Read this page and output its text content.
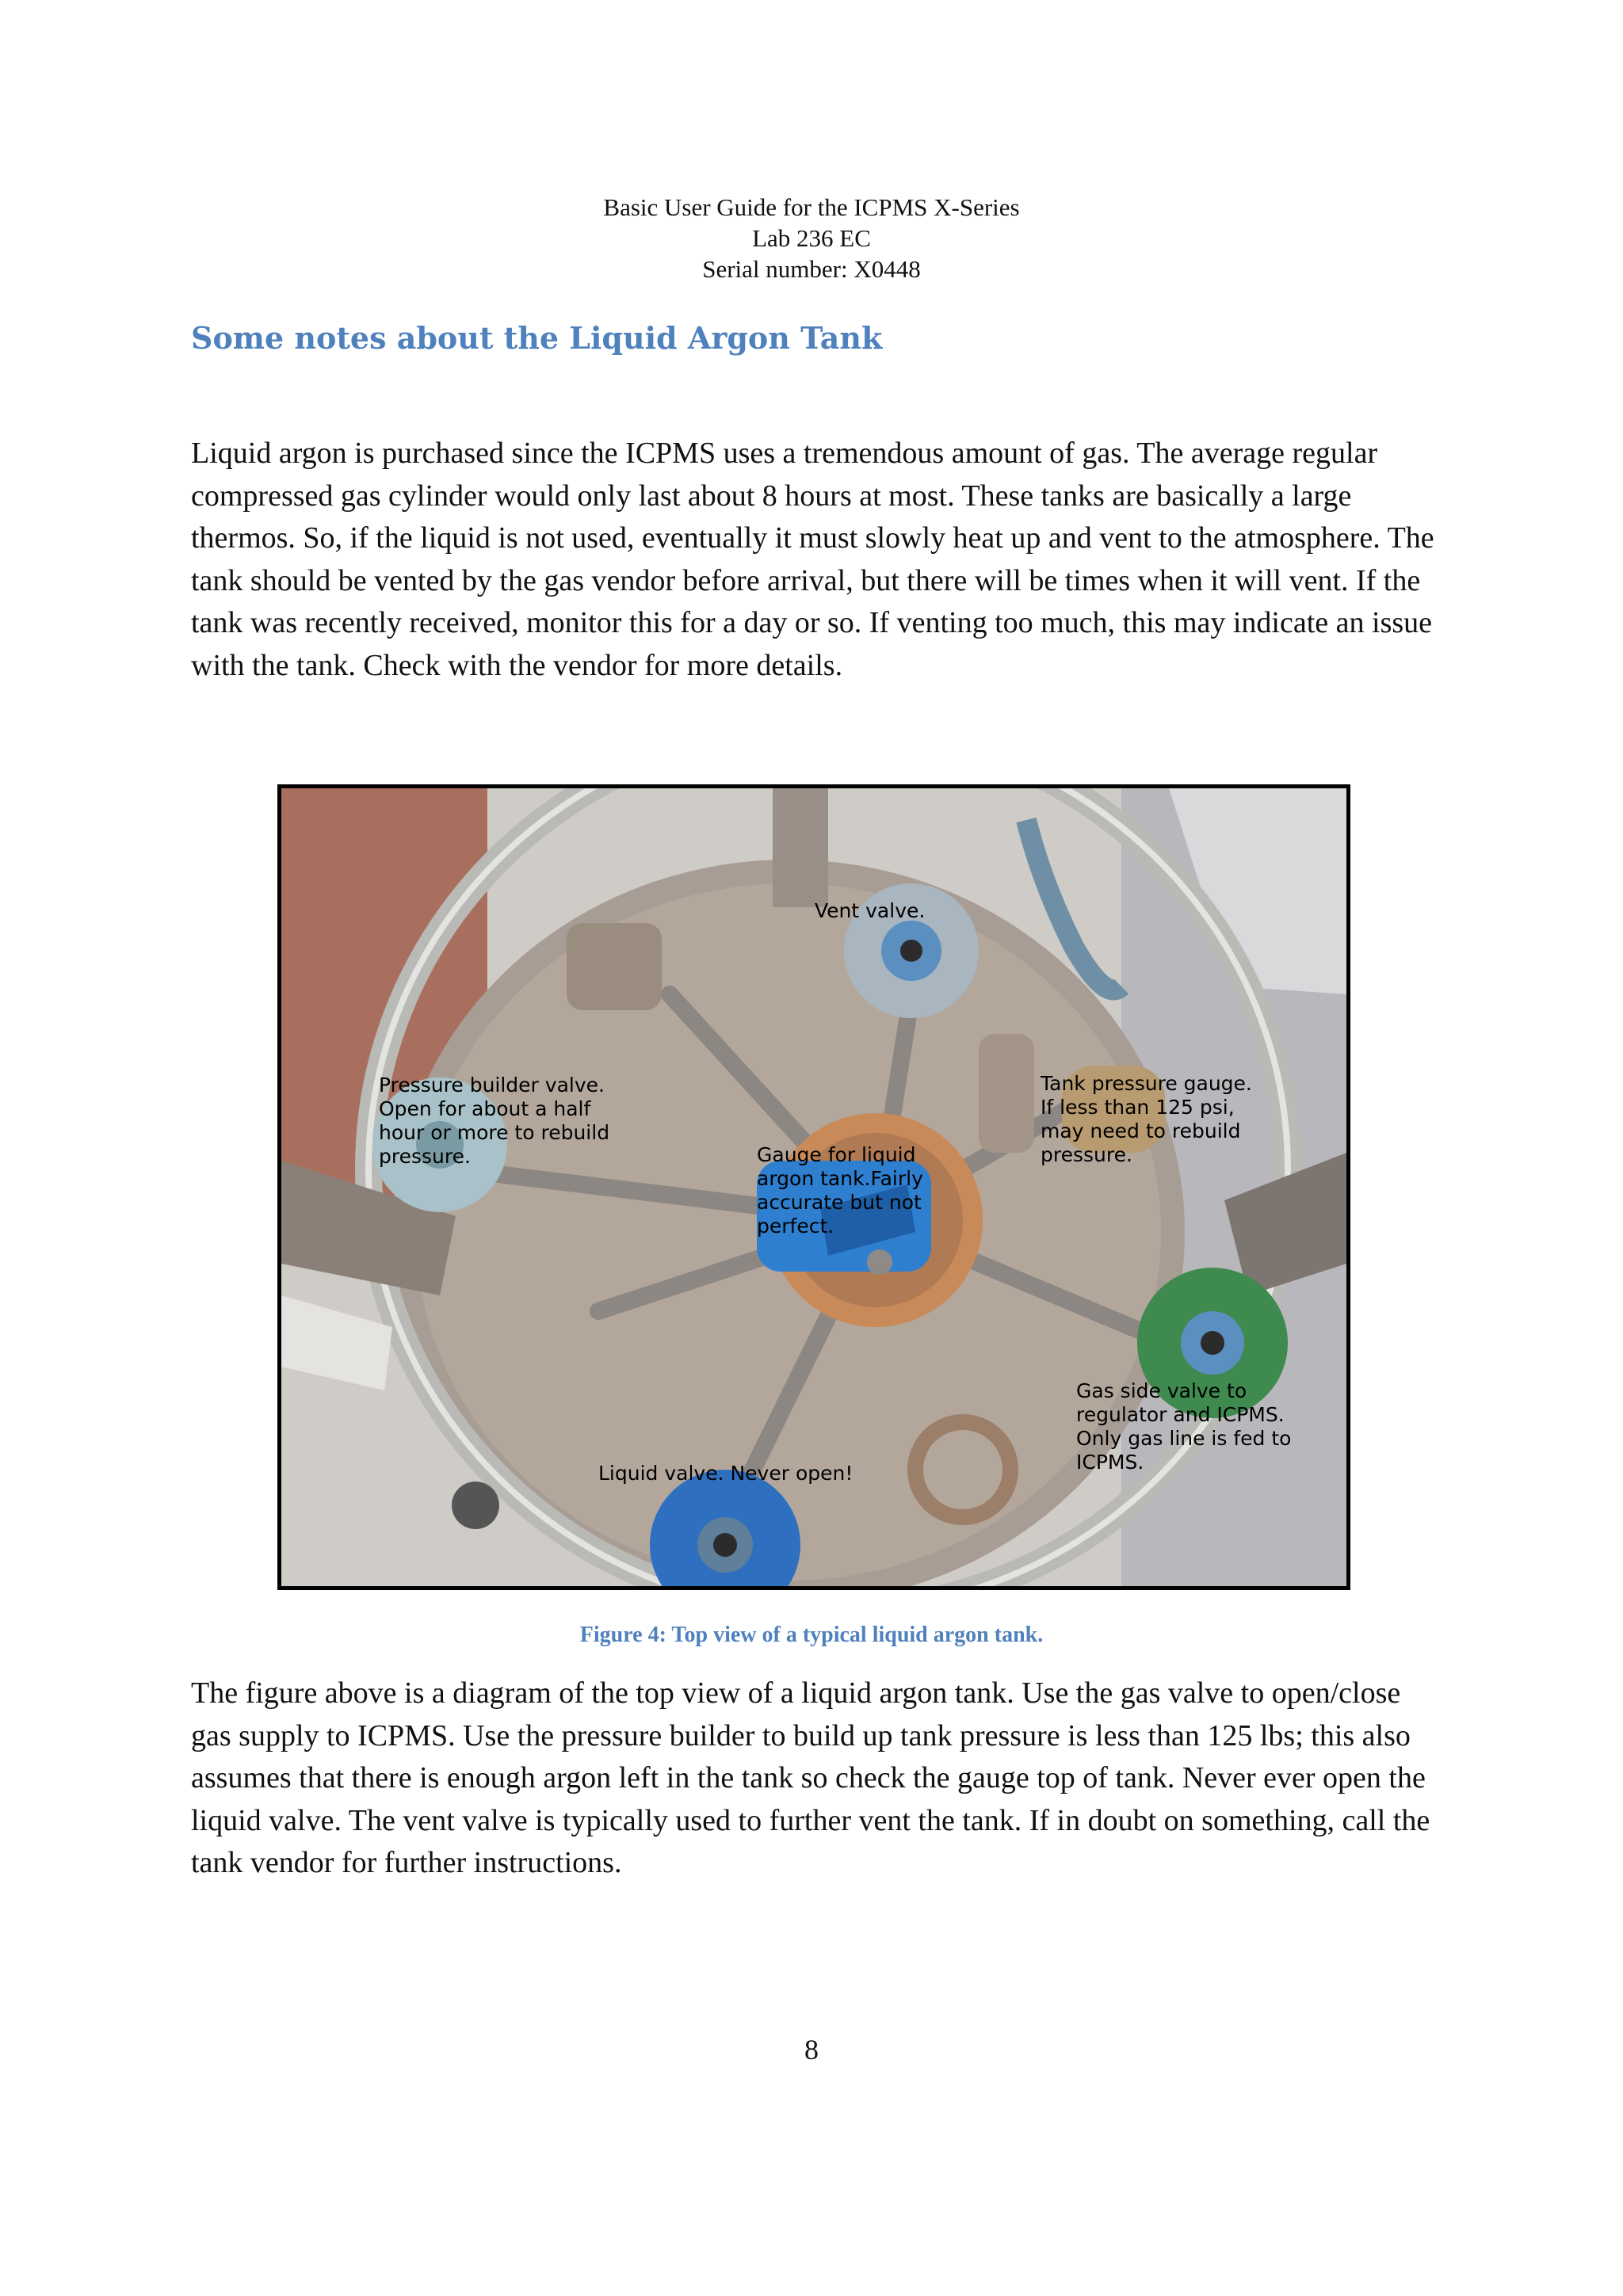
Basic User Guide for the ICPMS X-Series
Lab 236 EC
Serial number: X0448
Some notes about the Liquid Argon Tank
Liquid argon is purchased since the ICPMS uses a tremendous amount of gas. The average regular compressed gas cylinder would only last about 8 hours at most. These tanks are basically a large thermos. So, if the liquid is not used, eventually it must slowly heat up and vent to the atmosphere. The tank should be vented by the gas vendor before arrival, but there will be times when it will vent. If the tank was recently received, monitor this for a day or so. If venting too much, this may indicate an issue with the tank. Check with the vendor for more details.
Vent valve.
Pressure builder valve.
Open for about a half
hour or more to rebuild
pressure.	Gauge for liquid
argon tank.Fairly
accurate but not
perfect.
Tank pressure gauge.
If less than 125 psi,
may need to rebuild
pressure.
Gas side valve to
regulator and ICPMS.
Only gas line is fed to
ICPMS.
Liquid valve. Never open!
Figure 4: Top view of a typical liquid argon tank.
The figure above is a diagram of the top view of a liquid argon tank. Use the gas valve to open/close gas supply to ICPMS. Use the pressure builder to build up tank pressure is less than 125 lbs; this also assumes that there is enough argon left in the tank so check the gauge top of tank. Never ever open the liquid valve. The vent valve is typically used to further vent the tank. If in doubt on something, call the tank vendor for further instructions.
8
